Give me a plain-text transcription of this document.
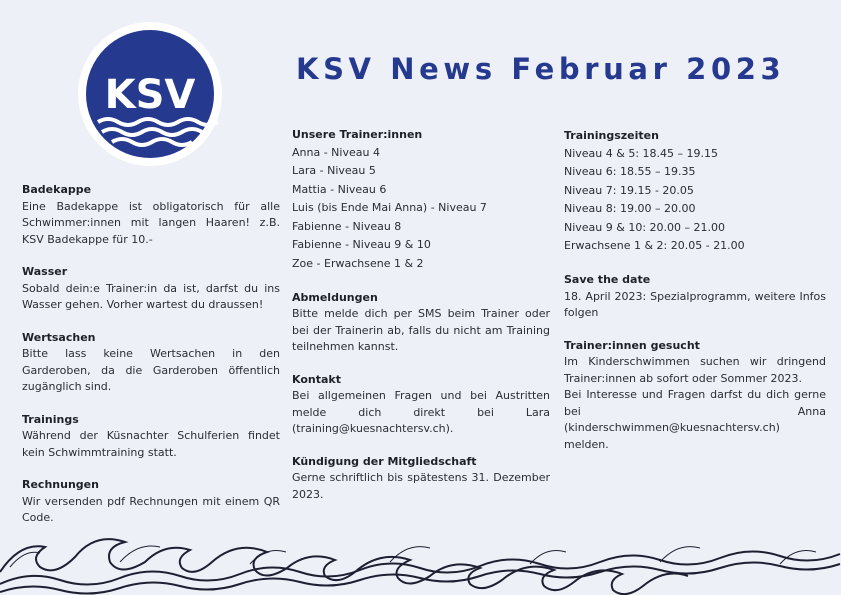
KSV
KSV News Februar 2023

Badekappe

Eine Badekappe ist obligatorisch für alle Schwimmer:innen mit langen Haaren! z.B. KSV Badekappe für 10.-

Wasser

Sobald dein:e Trainer:in da ist, darfst du ins Wasser gehen. Vorher wartest du draussen!

Wertsachen

Bitte lass keine Wertsachen in den Garderoben, da die Garderoben öffentlich zugänglich sind.

Trainings

Während der Küsnachter Schulferien findet kein Schwimmtraining statt.

Rechnungen

Wir versenden pdf Rechnungen mit einem QR Code.

Unsere Trainer:innen

Anna - Niveau 4

Lara - Niveau 5

Mattia - Niveau 6

Luis (bis Ende Mai Anna) - Niveau 7

Fabienne - Niveau 8

Fabienne - Niveau 9 & 10

Zoe - Erwachsene 1 & 2

Abmeldungen

Bitte melde dich per SMS beim Trainer oder bei der Trainerin ab, falls du nicht am Training teilnehmen kannst.

Kontakt

Bei allgemeinen Fragen und bei Austritten melde dich direkt bei Lara (training@kuesnachtersv.ch).

Kündigung der Mitgliedschaft

Gerne schriftlich bis spätestens 31. Dezember 2023.

Trainingszeiten

Niveau 4 & 5: 18.45 – 19.15

Niveau 6: 18.55 – 19.35

Niveau 7: 19.15 - 20.05

Niveau 8: 19.00 – 20.00

Niveau 9 & 10: 20.00 – 21.00

Erwachsene 1 & 2: 20.05 - 21.00

Save the date

18. April 2023: Spezialprogramm, weitere Infos folgen

Trainer:innen gesucht

Im Kinderschwimmen suchen wir dringend Trainer:innen ab sofort oder Sommer 2023.

Bei Interesse und Fragen darfst du dich gerne bei Anna (kinderschwimmen@kuesnachtersv.ch) melden.
